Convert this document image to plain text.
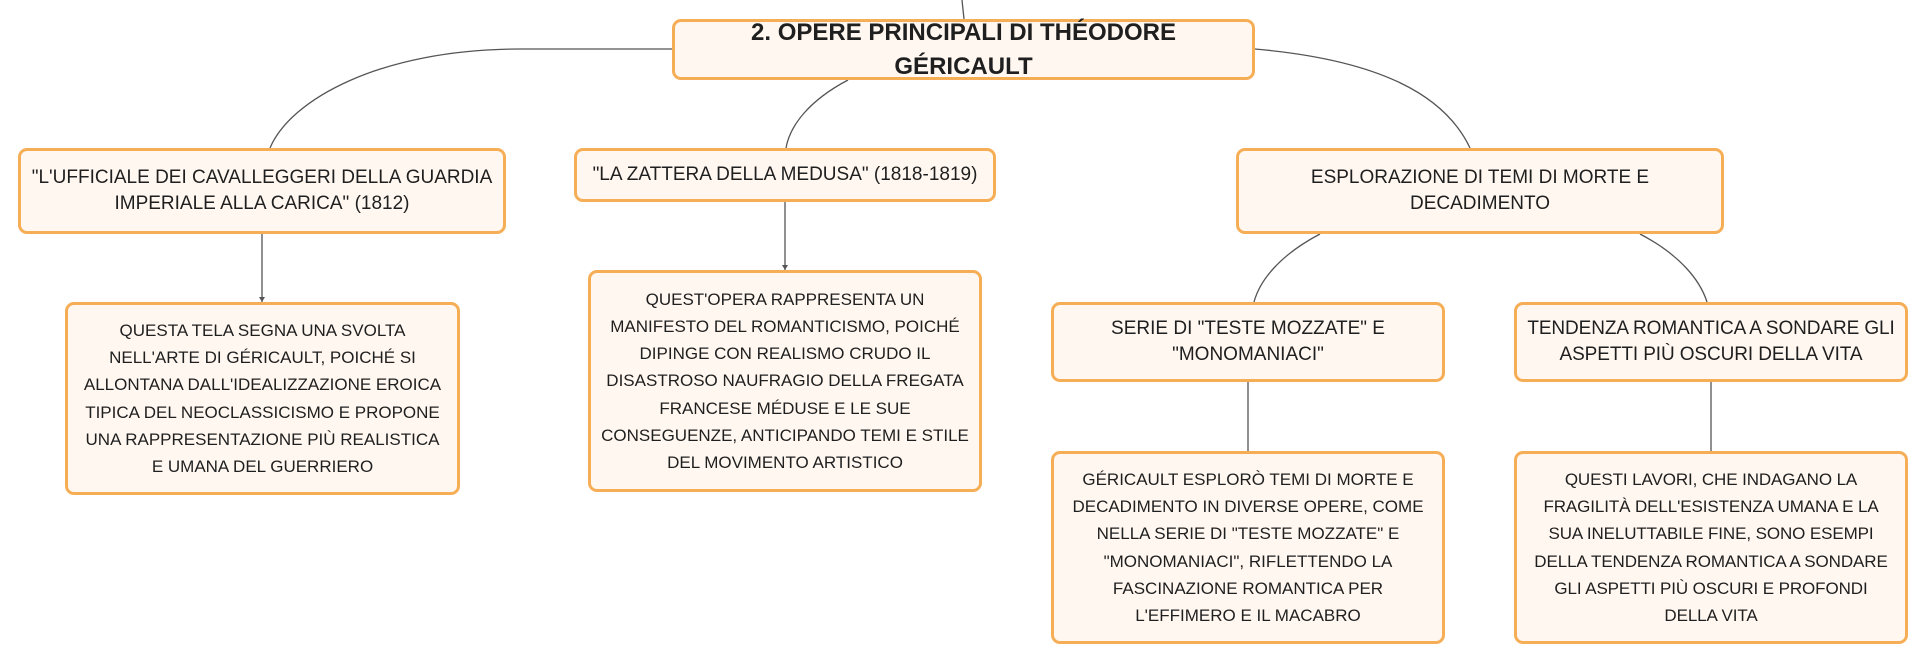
2. OPERE PRINCIPALI DI THÉODORE GÉRICAULT
"L'UFFICIALE DEI CAVALLEGGERI DELLA GUARDIA IMPERIALE ALLA CARICA" (1812)
"LA ZATTERA DELLA MEDUSA" (1818-1819)	ESPLORAZIONE DI TEMI DI MORTE E DECADIMENTO
QUESTA TELA SEGNA UNA SVOLTA NELL'ARTE DI GÉRICAULT, POICHÉ SI ALLONTANA DALL'IDEALIZZAZIONE EROICA TIPICA DEL NEOCLASSICISMO E PROPONE UNA RAPPRESENTAZIONE PIÙ REALISTICA E UMANA DEL GUERRIERO
QUEST'OPERA RAPPRESENTA UN MANIFESTO DEL ROMANTICISMO, POICHÉ DIPINGE CON REALISMO CRUDO IL DISASTROSO NAUFRAGIO DELLA FREGATA FRANCESE MÉDUSE E LE SUE CONSEGUENZE, ANTICIPANDO TEMI E STILE DEL MOVIMENTO ARTISTICO
SERIE DI "TESTE MOZZATE" E "MONOMANIACI"
TENDENZA ROMANTICA A SONDARE GLI ASPETTI PIÙ OSCURI DELLA VITA
GÉRICAULT ESPLORÒ TEMI DI MORTE E DECADIMENTO IN DIVERSE OPERE, COME NELLA SERIE DI "TESTE MOZZATE" E "MONOMANIACI", RIFLETTENDO LA FASCINAZIONE ROMANTICA PER L'EFFIMERO E IL MACABRO
QUESTI LAVORI, CHE INDAGANO LA FRAGILITÀ DELL'ESISTENZA UMANA E LA SUA INELUTTABILE FINE, SONO ESEMPI DELLA TENDENZA ROMANTICA A SONDARE GLI ASPETTI PIÙ OSCURI E PROFONDI DELLA VITA
